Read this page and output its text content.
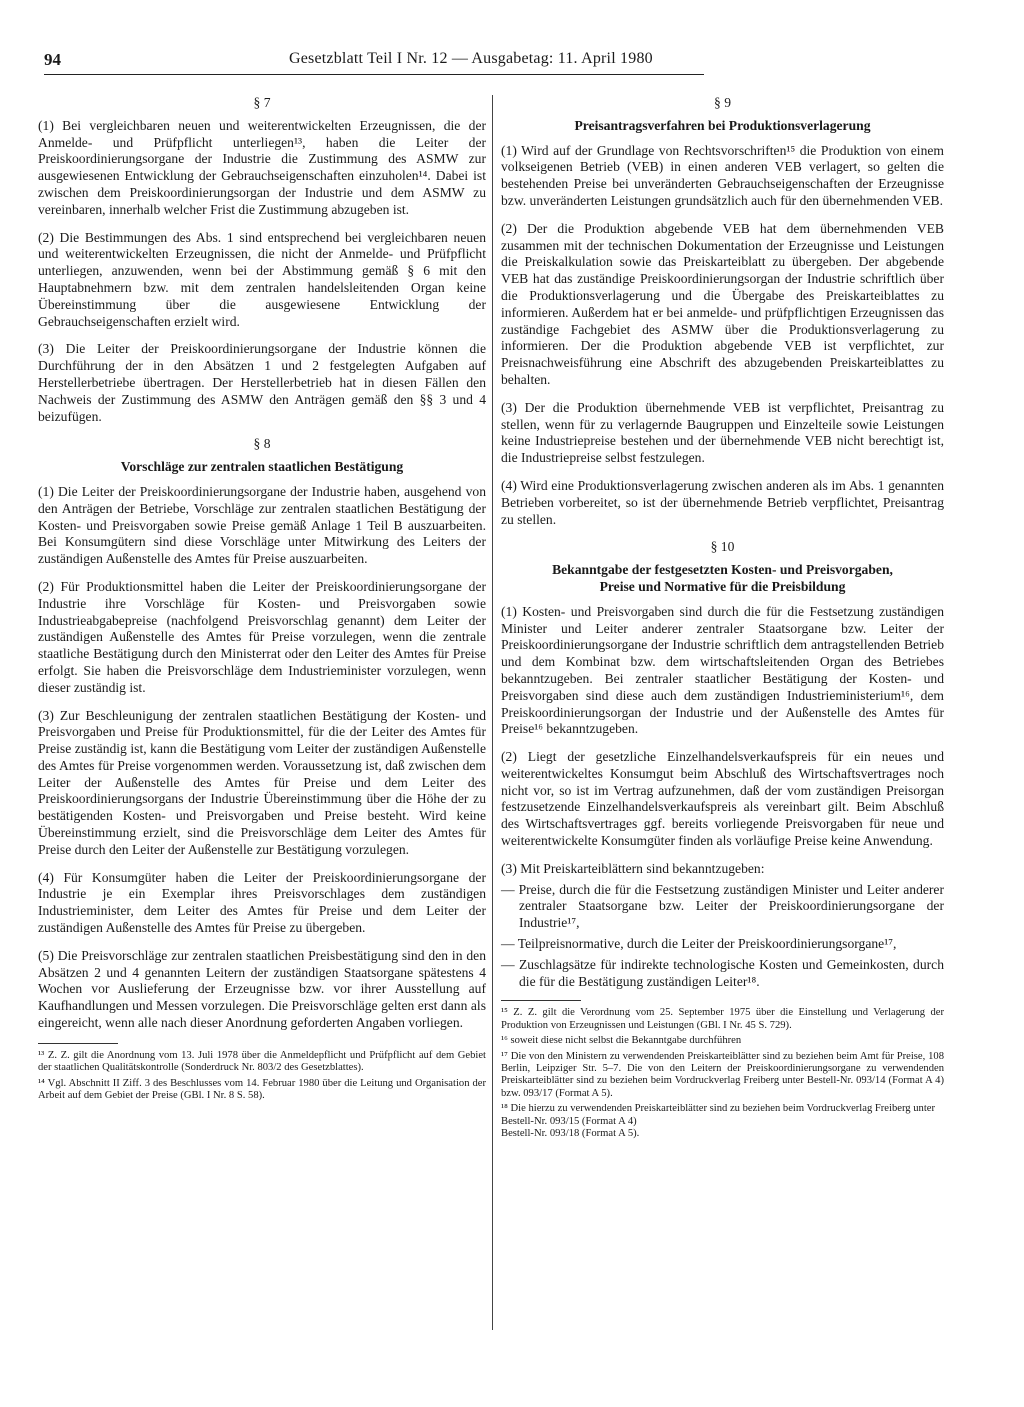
94	Gesetzblatt Teil I Nr. 12 — Ausgabetag: 11. April 1980
§ 7

(1) Bei vergleichbaren neuen und weiterentwickelten Erzeugnissen, die der Anmelde- und Prüfpflicht unterliegen¹³, haben die Leiter der Preiskoordinierungsorgane der Industrie die Zustimmung des ASMW zur ausgewiesenen Entwicklung der Gebrauchseigenschaften einzuholen¹⁴. Dabei ist zwischen dem Preiskoordinierungsorgan der Industrie und dem ASMW zu vereinbaren, innerhalb welcher Frist die Zustimmung abzugeben ist.

(2) Die Bestimmungen des Abs. 1 sind entsprechend bei vergleichbaren neuen und weiterentwickelten Erzeugnissen, die nicht der Anmelde- und Prüfpflicht unterliegen, anzuwenden, wenn bei der Abstimmung gemäß § 6 mit den Hauptabnehmern bzw. mit dem zentralen handelsleitenden Organ keine Übereinstimmung über die ausgewiesene Entwicklung der Gebrauchseigenschaften erzielt wird.

(3) Die Leiter der Preiskoordinierungsorgane der Industrie können die Durchführung der in den Absätzen 1 und 2 festgelegten Aufgaben auf Herstellerbetriebe übertragen. Der Herstellerbetrieb hat in diesen Fällen den Nachweis der Zustimmung des ASMW den Anträgen gemäß den §§ 3 und 4 beizufügen.

§ 8
Vorschläge zur zentralen staatlichen Bestätigung

(1) Die Leiter der Preiskoordinierungsorgane der Industrie haben, ausgehend von den Anträgen der Betriebe, Vorschläge zur zentralen staatlichen Bestätigung der Kosten- und Preisvorgaben sowie Preise gemäß Anlage 1 Teil B auszuarbeiten. Bei Konsumgütern sind diese Vorschläge unter Mitwirkung des Leiters der zuständigen Außenstelle des Amtes für Preise auszuarbeiten.

(2) Für Produktionsmittel haben die Leiter der Preiskoordinierungsorgane der Industrie ihre Vorschläge für Kosten- und Preisvorgaben sowie Industrieabgabepreise (nachfolgend Preisvorschlag genannt) dem Leiter der zuständigen Außenstelle des Amtes für Preise vorzulegen, wenn die zentrale staatliche Bestätigung durch den Ministerrat oder den Leiter des Amtes für Preise erfolgt. Sie haben die Preisvorschläge dem Industrieminister vorzulegen, wenn dieser zuständig ist.

(3) Zur Beschleunigung der zentralen staatlichen Bestätigung der Kosten- und Preisvorgaben und Preise für Produktionsmittel, für die der Leiter des Amtes für Preise zuständig ist, kann die Bestätigung vom Leiter der zuständigen Außenstelle des Amtes für Preise vorgenommen werden. Voraussetzung ist, daß zwischen dem Leiter der Außenstelle des Amtes für Preise und dem Leiter des Preiskoordinierungsorgans der Industrie Übereinstimmung über die Höhe der zu bestätigenden Kosten- und Preisvorgaben und Preise besteht. Wird keine Übereinstimmung erzielt, sind die Preisvorschläge dem Leiter des Amtes für Preise durch den Leiter der Außenstelle zur Bestätigung vorzulegen.

(4) Für Konsumgüter haben die Leiter der Preiskoordinierungsorgane der Industrie je ein Exemplar ihres Preisvorschlages dem zuständigen Industrieminister, dem Leiter des Amtes für Preise und dem Leiter der zuständigen Außenstelle des Amtes für Preise zu übergeben.

(5) Die Preisvorschläge zur zentralen staatlichen Preisbestätigung sind den in den Absätzen 2 und 4 genannten Leitern der zuständigen Staatsorgane spätestens 4 Wochen vor Auslieferung der Erzeugnisse bzw. vor ihrer Ausstellung auf Kaufhandlungen und Messen vorzulegen. Die Preisvorschläge gelten erst dann als eingereicht, wenn alle nach dieser Anordnung geforderten Angaben vorliegen.

¹³ Z. Z. gilt die Anordnung vom 13. Juli 1978 über die Anmeldepflicht und Prüfpflicht auf dem Gebiet der staatlichen Qualitätskontrolle (Sonderdruck Nr. 803/2 des Gesetzblattes).

¹⁴ Vgl. Abschnitt II Ziff. 3 des Beschlusses vom 14. Februar 1980 über die Leitung und Organisation der Arbeit auf dem Gebiet der Preise (GBl. I Nr. 8 S. 58).

§ 9
Preisantragsverfahren bei Produktionsverlagerung

(1) Wird auf der Grundlage von Rechtsvorschriften¹⁵ die Produktion von einem volkseigenen Betrieb (VEB) in einen anderen VEB verlagert, so gelten die bestehenden Preise bei unveränderten Gebrauchseigenschaften der Erzeugnisse bzw. unveränderten Leistungen grundsätzlich auch für den übernehmenden VEB.

(2) Der die Produktion abgebende VEB hat dem übernehmenden VEB zusammen mit der technischen Dokumentation der Erzeugnisse und Leistungen die Preiskalkulation sowie das Preiskarteiblatt zu übergeben. Der abgebende VEB hat das zuständige Preiskoordinierungsorgan der Industrie schriftlich über die Produktionsverlagerung und die Übergabe des Preiskarteiblattes zu informieren. Außerdem hat er bei anmelde- und prüfpflichtigen Erzeugnissen das zuständige Fachgebiet des ASMW über die Produktionsverlagerung zu informieren. Der die Produktion abgebende VEB ist verpflichtet, zur Preisnachweisführung eine Abschrift des abzugebenden Preiskarteiblattes zu behalten.

(3) Der die Produktion übernehmende VEB ist verpflichtet, Preisantrag zu stellen, wenn für zu verlagernde Baugruppen und Einzelteile sowie Leistungen keine Industriepreise bestehen und der übernehmende VEB nicht berechtigt ist, die Industriepreise selbst festzulegen.

(4) Wird eine Produktionsverlagerung zwischen anderen als im Abs. 1 genannten Betrieben vorbereitet, so ist der übernehmende Betrieb verpflichtet, Preisantrag zu stellen.

§ 10
Bekanntgabe der festgesetzten Kosten- und Preisvorgaben,
Preise und Normative für die Preisbildung

(1) Kosten- und Preisvorgaben sind durch die für die Festsetzung zuständigen Minister und Leiter anderer zentraler Staatsorgane bzw. Leiter der Preiskoordinierungsorgane der Industrie schriftlich dem antragstellenden Betrieb und dem Kombinat bzw. dem wirtschaftsleitenden Organ des Betriebes bekanntzugeben. Bei zentraler staatlicher Bestätigung der Kosten- und Preisvorgaben sind diese auch dem zuständigen Industrieministerium¹⁶, dem Preiskoordinierungsorgan der Industrie und der Außenstelle des Amtes für Preise¹⁶ bekanntzugeben.

(2) Liegt der gesetzliche Einzelhandelsverkaufspreis für ein neues und weiterentwickeltes Konsumgut beim Abschluß des Wirtschaftsvertrages noch nicht vor, so ist im Vertrag aufzunehmen, daß der vom zuständigen Preisorgan festzusetzende Einzelhandelsverkaufspreis als vereinbart gilt. Beim Abschluß des Wirtschaftsvertrages ggf. bereits vorliegende Preisvorgaben für neue und weiterentwickelte Konsumgüter finden als vorläufige Preise keine Anwendung.

(3) Mit Preiskarteiblättern sind bekanntzugeben:

— Preise, durch die für die Festsetzung zuständigen Minister und Leiter anderer zentraler Staatsorgane bzw. Leiter der Preiskoordinierungsorgane der Industrie¹⁷,

— Teilpreisnormative, durch die Leiter der Preiskoordinierungsorgane¹⁷,

— Zuschlagsätze für indirekte technologische Kosten und Gemeinkosten, durch die für die Bestätigung zuständigen Leiter¹⁸.

¹⁵ Z. Z. gilt die Verordnung vom 25. September 1975 über die Einstellung und Verlagerung der Produktion von Erzeugnissen und Leistungen (GBl. I Nr. 45 S. 729).

¹⁶ soweit diese nicht selbst die Bekanntgabe durchführen

¹⁷ Die von den Ministern zu verwendenden Preiskarteiblätter sind zu beziehen beim Amt für Preise, 108 Berlin, Leipziger Str. 5–7. Die von den Leitern der Preiskoordinierungsorgane zu verwendenden Preiskarteiblätter sind zu beziehen beim Vordruckverlag Freiberg unter Bestell-Nr. 093/14 (Format A 4) bzw. 093/17 (Format A 5).

¹⁸ Die hierzu zu verwendenden Preiskarteiblätter sind zu beziehen beim Vordruckverlag Freiberg unter

Bestell-Nr. 093/15 (Format A 4)

Bestell-Nr. 093/18 (Format A 5).
